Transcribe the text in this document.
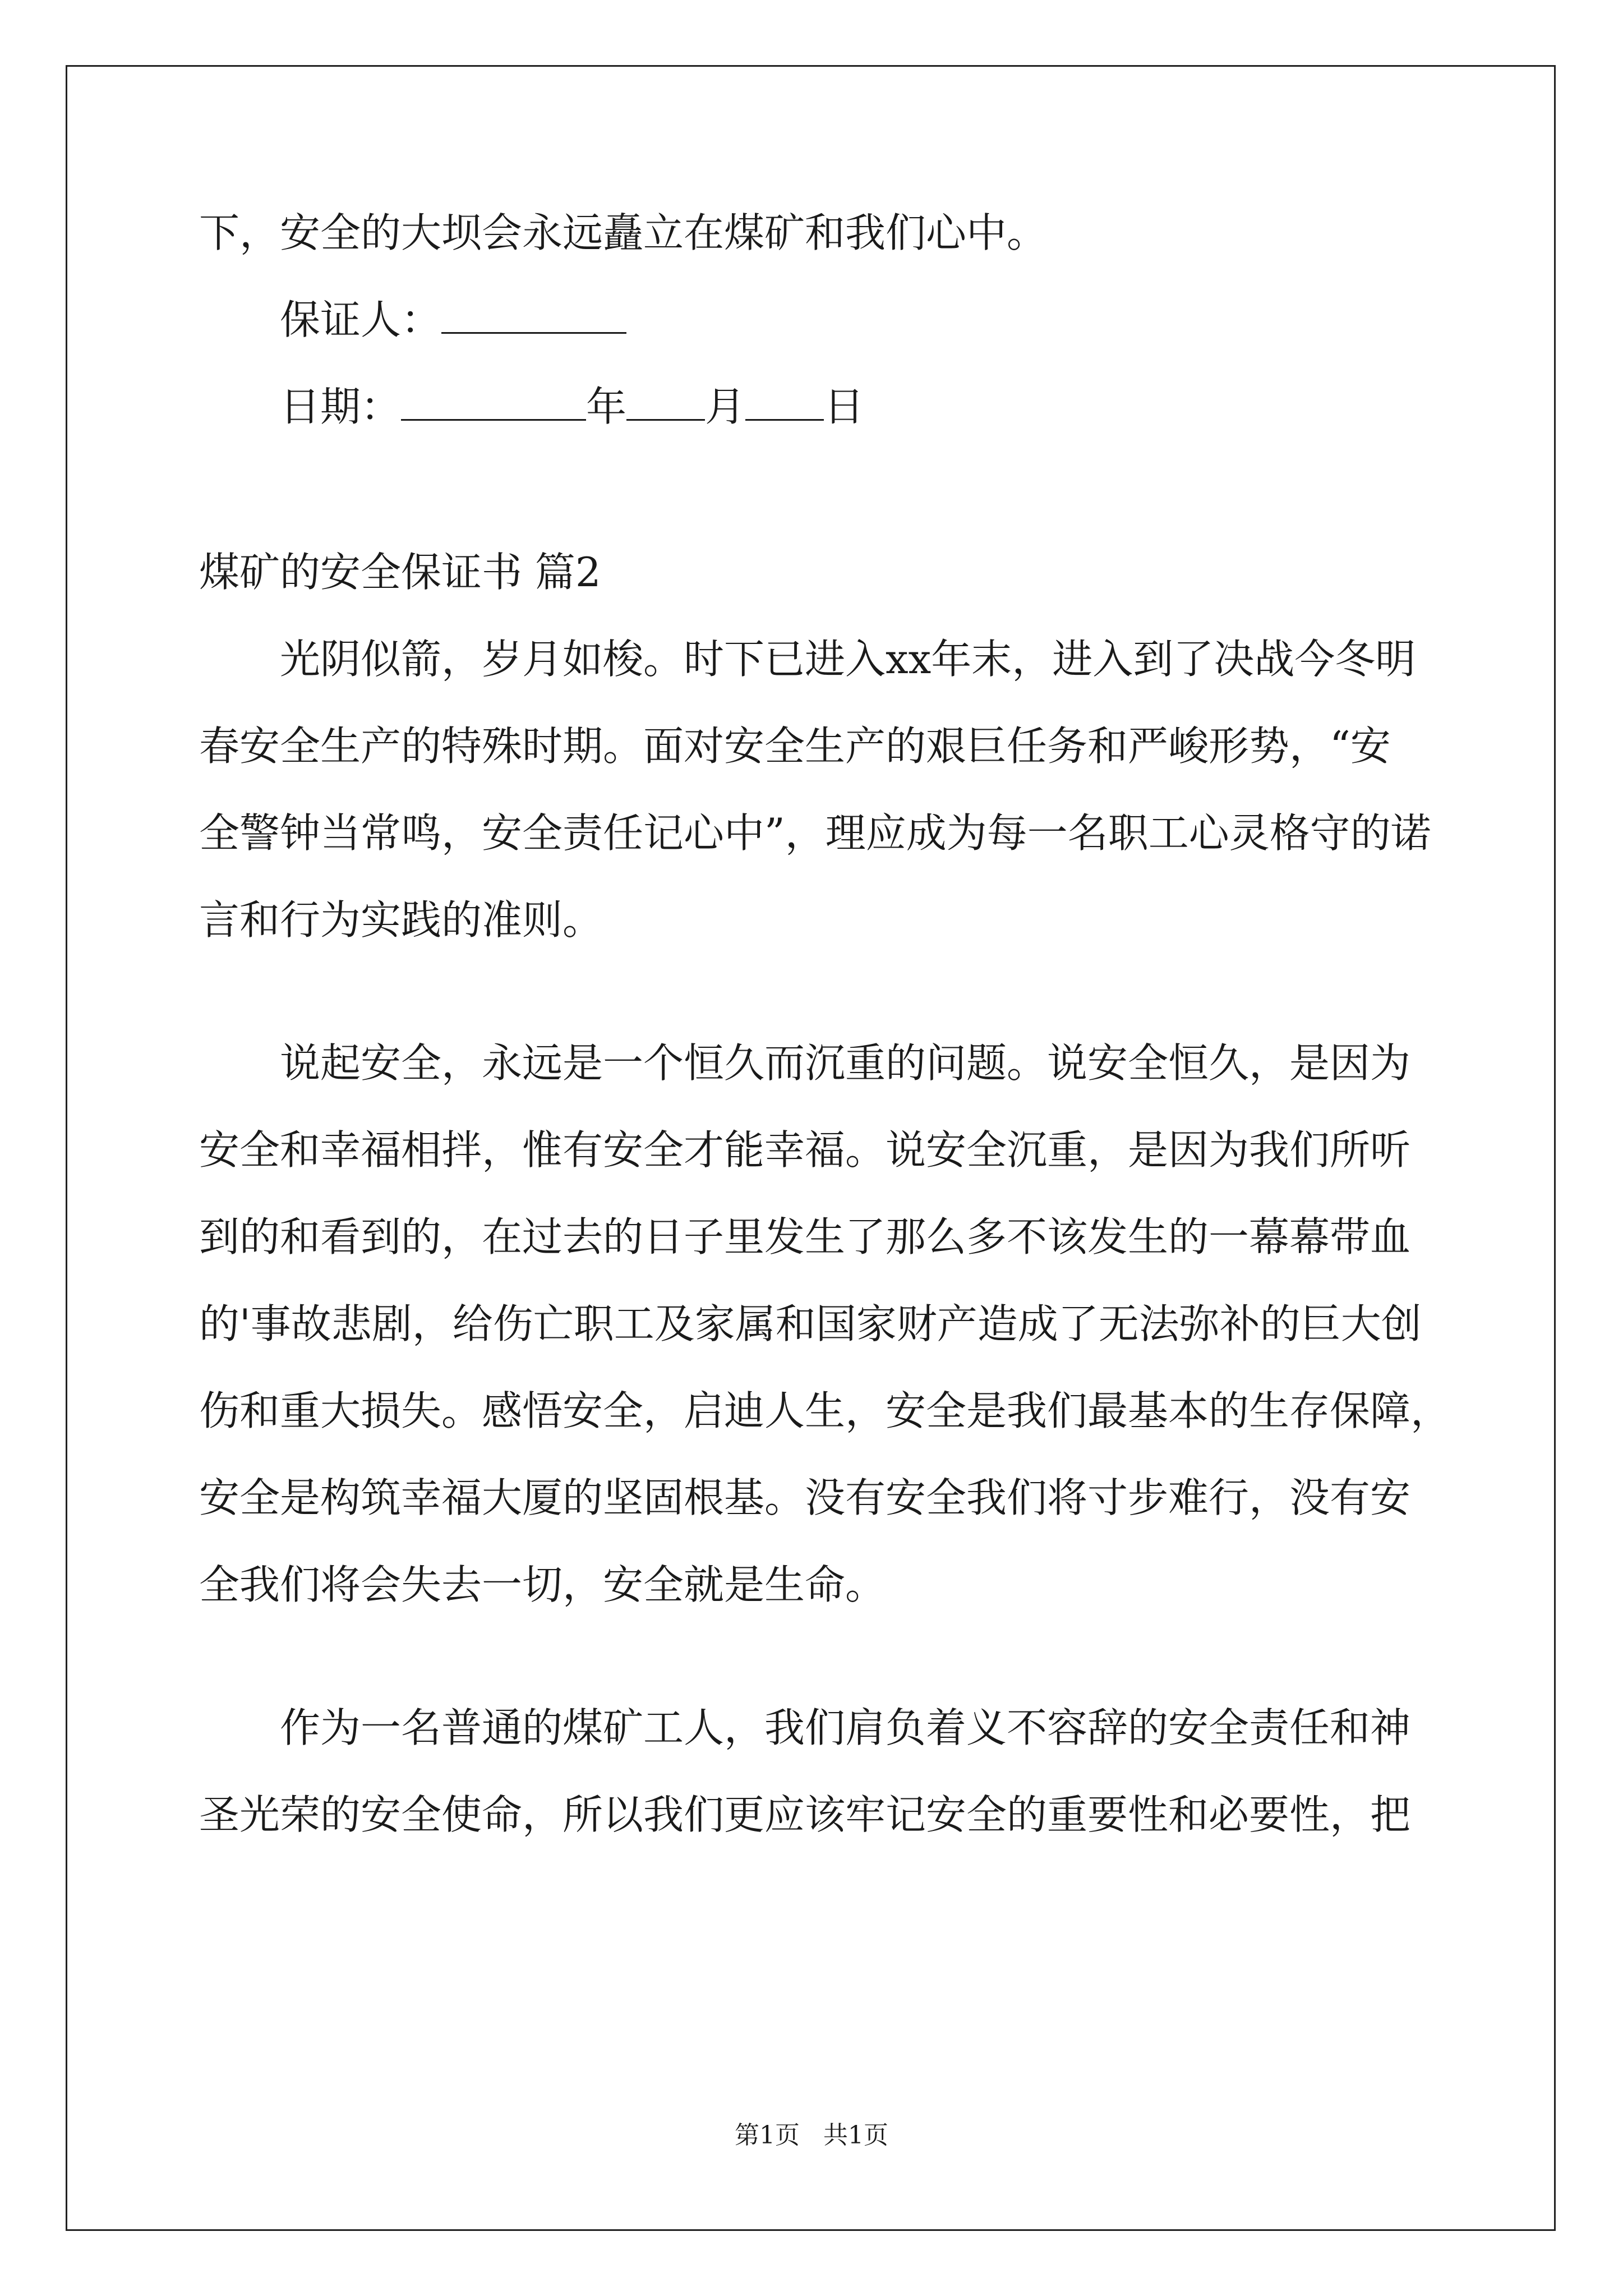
下，安全的大坝会永远矗立在煤矿和我们心中。
保证人：
日期：	年 月 日
煤矿的安全保证书 篇2
光阴似箭，岁月如梭。时下已进入xx年末，进入到了决战今冬明
春安全生产的特殊时期。面对安全生产的艰巨任务和严峻形势，“安
全警钟当常鸣，安全责任记心中”，理应成为每一名职工心灵格守的诺
言和行为实践的准则。
说起安全，永远是一个恒久而沉重的问题。说安全恒久，是因为
安全和幸福相拌，惟有安全才能幸福。说安全沉重，是因为我们所听
到的和看到的，在过去的日子里发生了那么多不该发生的一幕幕带血
的'事故悲剧，给伤亡职工及家属和国家财产造成了无法弥补的巨大创
伤和重大损失。感悟安全，启迪人生，安全是我们最基本的生存保障，
安全是构筑幸福大厦的坚固根基。没有安全我们将寸步难行，没有安
全我们将会失去一切，安全就是生命。
作为一名普通的煤矿工人，我们肩负着义不容辞的安全责任和神
圣光荣的安全使命，所以我们更应该牢记安全的重要性和必要性，把
第1页   共1页
